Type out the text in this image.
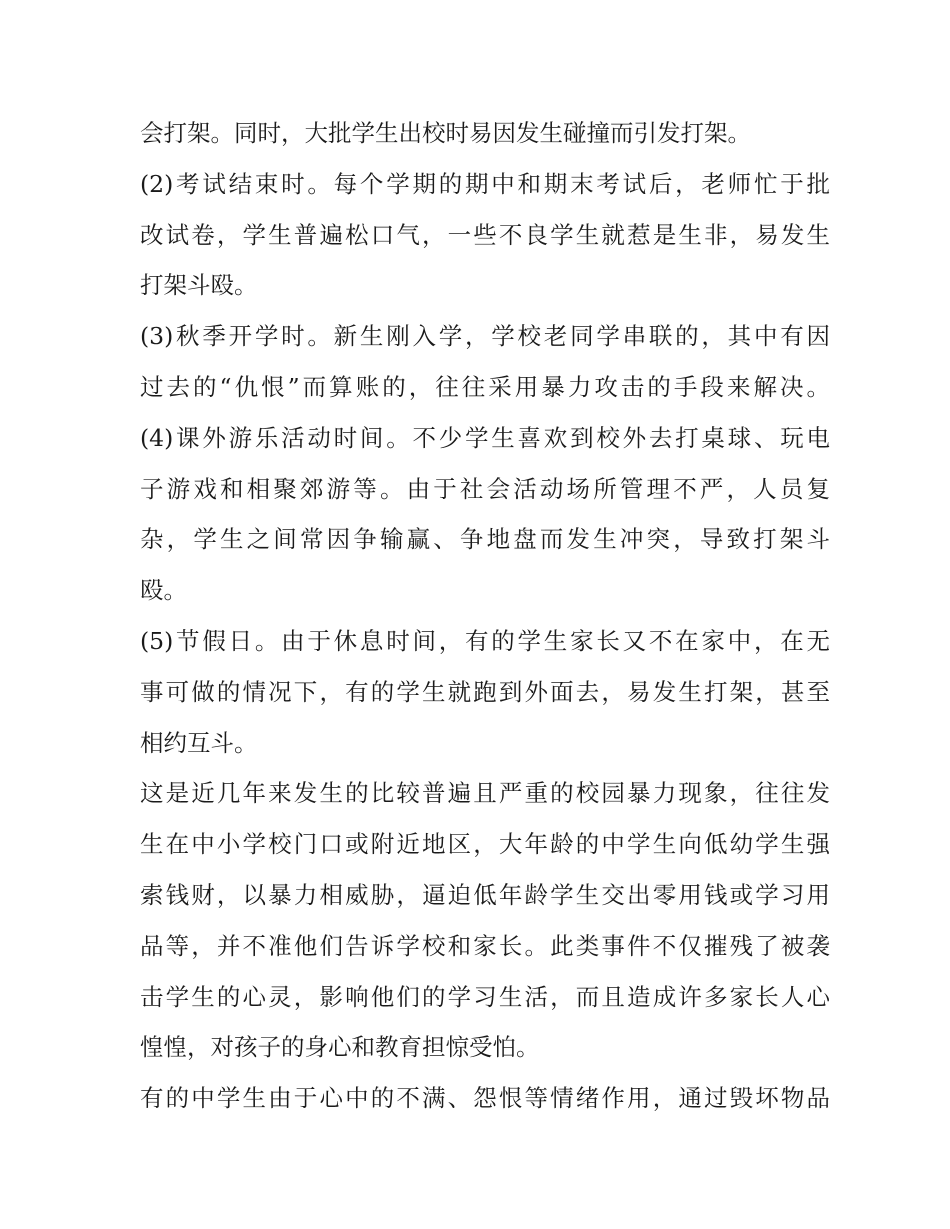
会打架。同时，大批学生出校时易因发生碰撞而引发打架。
(2)考试结束时。每个学期的期中和期末考试后，老师忙于批
改试卷，学生普遍松口气，一些不良学生就惹是生非，易发生
打架斗殴。
(3)秋季开学时。新生刚入学，学校老同学串联的，其中有因
过去的“仇恨”而算账的，往往采用暴力攻击的手段来解决。
(4)课外游乐活动时间。不少学生喜欢到校外去打桌球、玩电
子游戏和相聚郊游等。由于社会活动场所管理不严，人员复
杂，学生之间常因争输赢、争地盘而发生冲突，导致打架斗
殴。
(5)节假日。由于休息时间，有的学生家长又不在家中，在无
事可做的情况下，有的学生就跑到外面去，易发生打架，甚至
相约互斗。
这是近几年来发生的比较普遍且严重的校园暴力现象，往往发
生在中小学校门口或附近地区，大年龄的中学生向低幼学生强
索钱财，以暴力相威胁，逼迫低年龄学生交出零用钱或学习用
品等，并不准他们告诉学校和家长。此类事件不仅摧残了被袭
击学生的心灵，影响他们的学习生活，而且造成许多家长人心
惶惶，对孩子的身心和教育担惊受怕。
有的中学生由于心中的不满、怨恨等情绪作用，通过毁坏物品
